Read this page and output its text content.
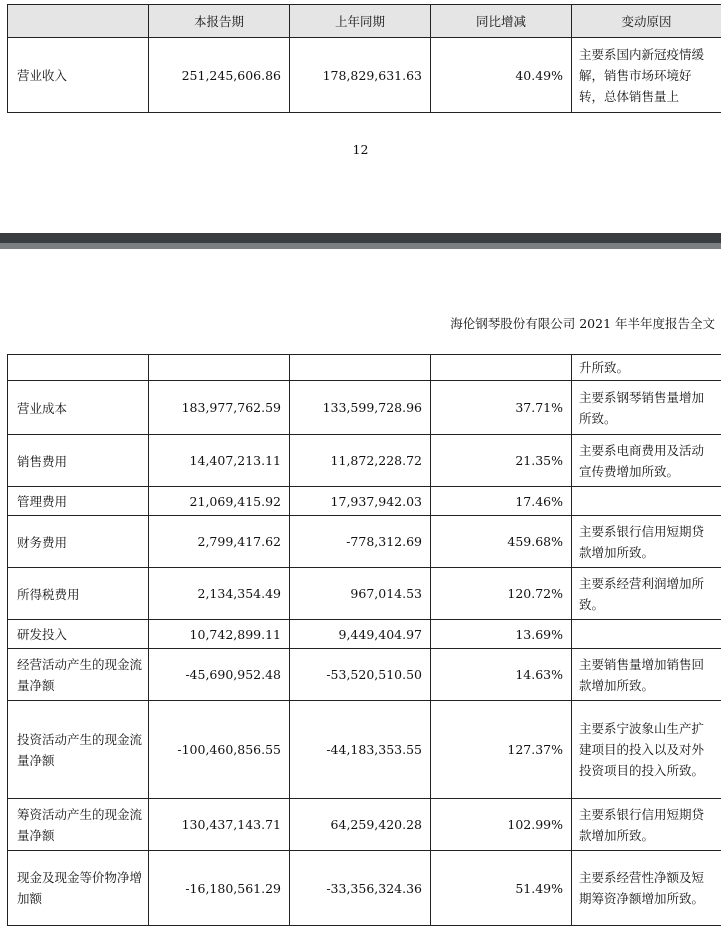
	本报告期	上年同期	同比增减	变动原因
营业收入	251,245,606.86	178,829,631.63	40.49%	主要系国内新冠疫情缓解，销售市场环境好转，总体销售量上
12
海伦钢琴股份有限公司 2021 年半年度报告全文
				升所致。
营业成本	183,977,762.59	133,599,728.96	37.71%	主要系钢琴销售量增加所致。
销售费用	14,407,213.11	11,872,228.72	21.35%	主要系电商费用及活动宣传费增加所致。
管理费用	21,069,415.92	17,937,942.03	17.46%	
财务费用	2,799,417.62	-778,312.69	459.68%	主要系银行信用短期贷款增加所致。
所得税费用	2,134,354.49	967,014.53	120.72%	主要系经营利润增加所致。
研发投入	10,742,899.11	9,449,404.97	13.69%	
经营活动产生的现金流量净额	-45,690,952.48	-53,520,510.50	14.63%	主要销售量增加销售回款增加所致。
投资活动产生的现金流量净额	-100,460,856.55	-44,183,353.55	127.37%	主要系宁波象山生产扩建项目的投入以及对外投资项目的投入所致。
筹资活动产生的现金流量净额	130,437,143.71	64,259,420.28	102.99%	主要系银行信用短期贷款增加所致。
现金及现金等价物净增加额	-16,180,561.29	-33,356,324.36	51.49%	主要系经营性净额及短期筹资净额增加所致。
